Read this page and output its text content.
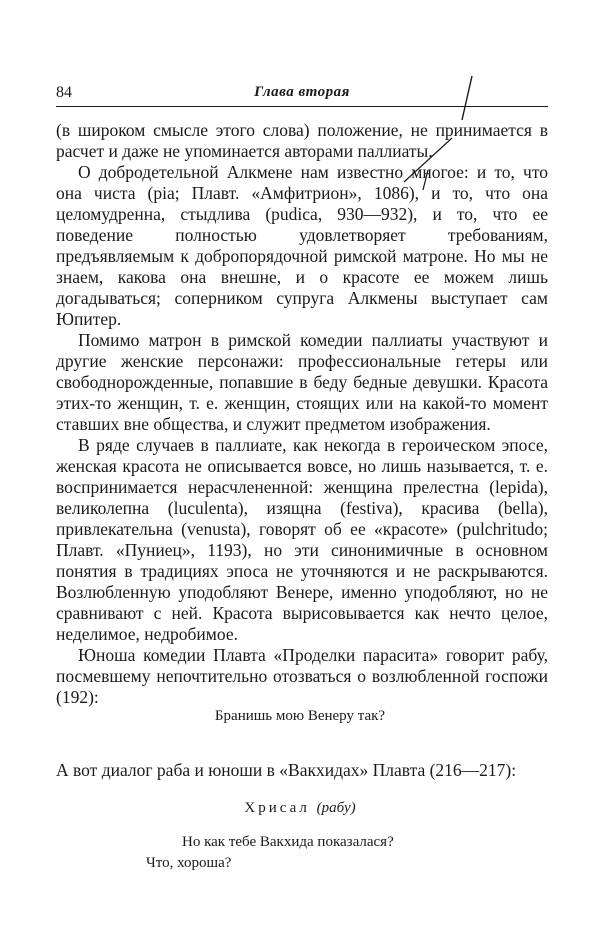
84	Глава вторая

(в широком смысле этого слова) положение, не принимается в расчет и даже не упоминается авторами паллиаты.

О добродетельной Алкмене нам известно многое: и то, что она чиста (pia; Плавт. «Амфитрион», 1086), и то, что она целомудренна, стыдлива (pudica, 930—932), и то, что ее поведение полностью удовлетворяет требованиям, предъявляемым к добропорядочной римской матроне. Но мы не знаем, какова она внешне, и о красоте ее можем лишь догадываться; соперником супруга Алкмены выступает сам Юпитер.

Помимо матрон в римской комедии паллиаты участвуют и другие женские персонажи: профессиональные гетеры или свободнорожденные, попавшие в беду бедные девушки. Красота этих-то женщин, т. е. женщин, стоящих или на какой-то момент ставших вне общества, и служит предметом изображения.

В ряде случаев в паллиате, как некогда в героическом эпосе, женская красота не описывается вовсе, но лишь называется, т. е. воспринимается нерасчлененной: женщина прелестна (lepida), великолепна (luculenta), изящна (festiva), красива (bella), привлекательна (venusta), говорят об ее «красоте» (pulchritudo; Плавт. «Пуниец», 1193), но эти синонимичные в основном понятия в традициях эпоса не уточняются и не раскрываются. Возлюбленную уподобляют Венере, именно уподобляют, но не сравнивают с ней. Красота вырисовывается как нечто целое, неделимое, недробимое.

Юноша комедии Плавта «Проделки парасита» говорит рабу, посмевшему непочтительно отозваться о возлюбленной госпожи (192):

Бранишь мою Венеру так?

А вот диалог раба и юноши в «Вакхидах» Плавта (216—217):

Хрисал (рабу)
Но как тебе Вакхида показалася?
Что, хороша?
